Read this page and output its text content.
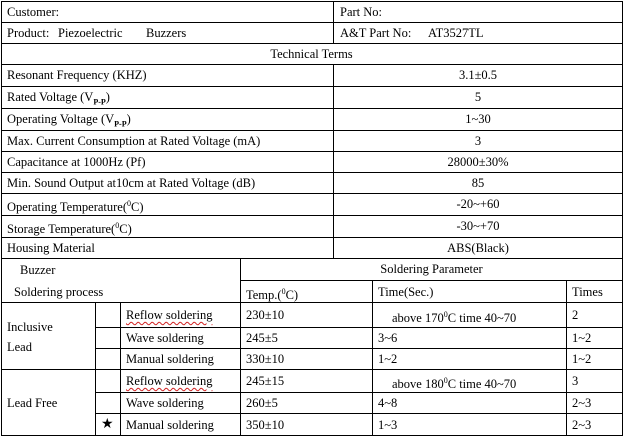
Customer:	Part No:
Product: Piezoelectric Buzzers	A&T Part No: AT3527TL
Technical Terms
Resonant Frequency (KHZ)	3.1±0.5
Rated Voltage $(V_{P-P})$	5
Operating Voltage $(V_{P-P})$	1~30
Max. Current Consumption at Rated Voltage (mA)	3
Capacitance at 1000Hz (Pf)	28000±30%
Min. Sound Output at10cm at Rated Voltage (dB)	85
Operating Temperature($^0$C)	-20~+60
Storage Temperature($^0$C)	-30~+70
Housing Material	ABS(Black)
Buzzer
Soldering process
Soldering Parameter
Temp.($^0$C)	Time(Sec.)	Times
Inclusive
Lead
Reflow soldering	230±10	above $170^0C$ time 40~70	2
Wave soldering	245±5	3~6	1~2
Manual soldering	330±10	1~2	1~2
Lead Free
Reflow soldering	245±15	above $180^0C$ time 40~70	3
Wave soldering	260±5	4~8	2~3
★ Manual soldering	350±10	1~3	2~3
